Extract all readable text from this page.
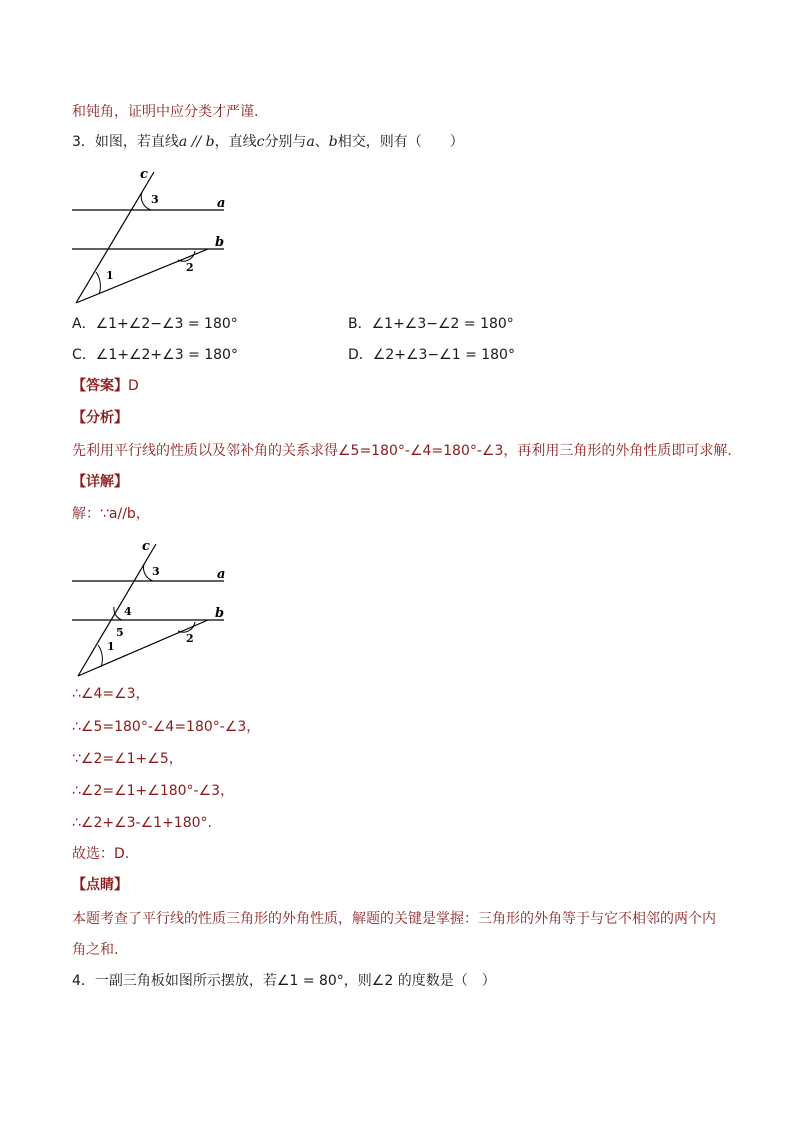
和钝角，证明中应分类才严谨.
3．如图，若直线a // b，直线c分别与a、b相交，则有（　　）
c
a
b
3
2
1
A．∠1+∠2−∠3 = 180°	B．∠1+∠3−∠2 = 180°
C．∠1+∠2+∠3 = 180°	D．∠2+∠3−∠1 = 180°
【答案】D
【分析】
先利用平行线的性质以及邻补角的关系求得∠5=180°-∠4=180°-∠3，再利用三角形的外角性质即可求解.
【详解】
解：∵a//b，
c
a
b
3
4
5	2
1
∴∠4=∠3，
∴∠5=180°-∠4=180°-∠3，
∵∠2=∠1+∠5，
∴∠2=∠1+∠180°-∠3，
∴∠2+∠3-∠1+180°.
故选：D.
【点睛】
本题考查了平行线的性质三角形的外角性质，解题的关键是掌握：三角形的外角等于与它不相邻的两个内
角之和.
4．一副三角板如图所示摆放，若∠1 = 80°，则∠2 的度数是（　）
